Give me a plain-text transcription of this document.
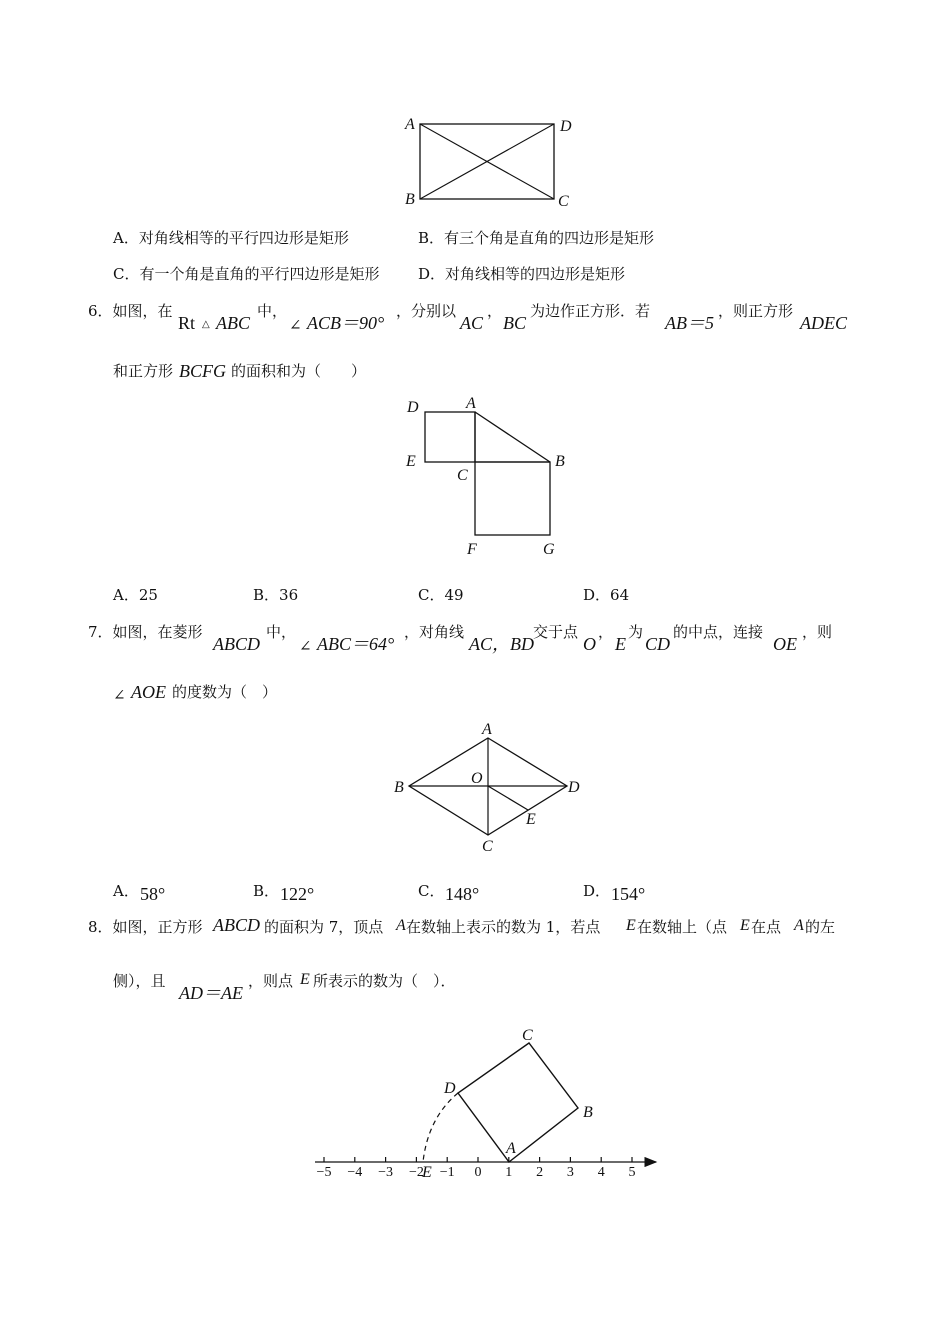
A	D
B	C
A．对角线相等的平行四边形是矩形	B．有三个角是直角的四边形是矩形
C．有一个角是直角的平行四边形是矩形	D．对角线相等的四边形是矩形
6．如图，在
Rt △ ABC
中，
∠ ACB＝90°
，分别以
AC
，
BC
为边作正方形．若
AB＝5
，则正方形
ADEC
和正方形 BCFG 的面积和为（　　）
D	A
E
C
B
F	G
A．25	B．36	C．49	D．64
7．如图，在菱形
ABCD
中，
∠ ABC＝64°
，对角线
AC，BD
交于点
O
，
E
为
CD
的中点，连接
OE
，则
∠ AOE 的度数为（　）
A
B
O
D
E
C
A． 58°	B． 122°	C． 148°	D． 154°
8．如图，正方形 ABCD 的面积为 7，顶点 A 在数轴上表示的数为 1，若点 E 在数轴上（点 E 在点 A 的左
侧），且
AD＝AE
，则点 E 所表示的数为（　）．
−5 −4 −3 −2 −1 0 1 2 3 4 5
C
D
B
A
E
